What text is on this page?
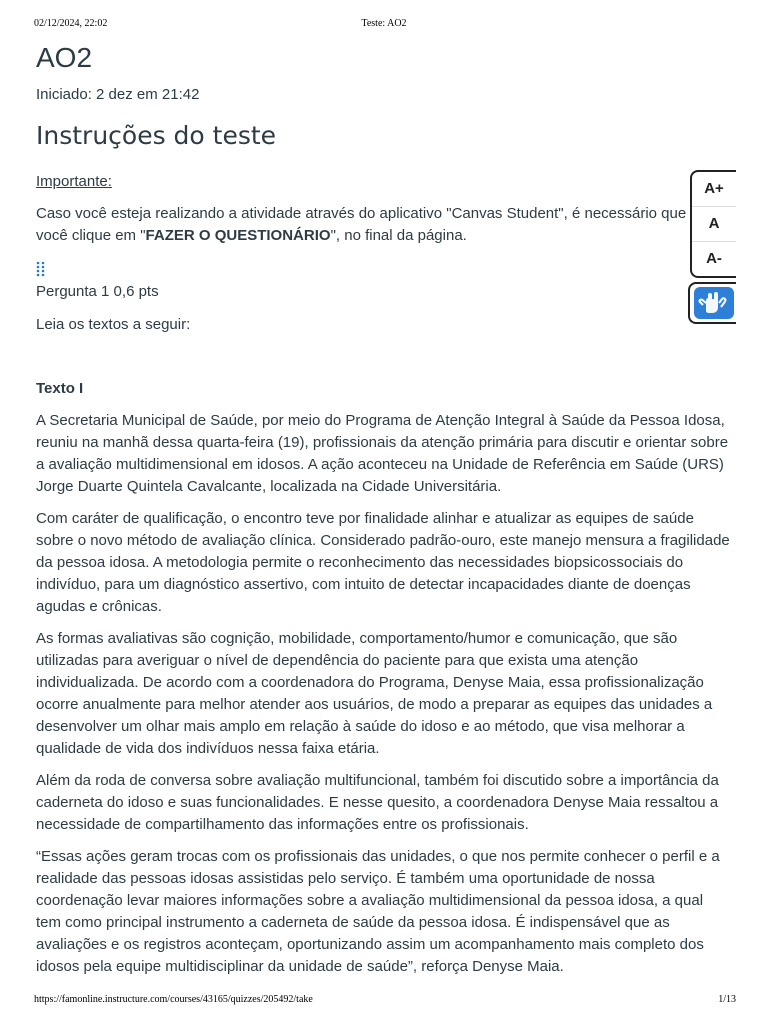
02/12/2024, 22:02	Teste: AO2
AO2
Iniciado: 2 dez em 21:42
Instruções do teste
Importante:

Caso você esteja realizando a atividade através do aplicativo "Canvas Student", é necessário que
você clique em "FAZER O QUESTIONÁRIO", no final da página.

Pergunta 1 0,6 pts
Leia os textos a seguir:
Texto I

A Secretaria Municipal de Saúde, por meio do Programa de Atenção Integral à Saúde da Pessoa Idosa, reuniu na manhã dessa quarta-feira (19), profissionais da atenção primária para discutir e orientar sobre a avaliação multidimensional em idosos. A ação aconteceu na Unidade de Referência em Saúde (URS) Jorge Duarte Quintela Cavalcante, localizada na Cidade Universitária.

Com caráter de qualificação, o encontro teve por finalidade alinhar e atualizar as equipes de saúde sobre o novo método de avaliação clínica. Considerado padrão-ouro, este manejo mensura a fragilidade da pessoa idosa. A metodologia permite o reconhecimento das necessidades biopsicossociais do indivíduo, para um diagnóstico assertivo, com intuito de detectar incapacidades diante de doenças agudas e crônicas.

As formas avaliativas são cognição, mobilidade, comportamento/humor e comunicação, que são utilizadas para averiguar o nível de dependência do paciente para que exista uma atenção individualizada. De acordo com a coordenadora do Programa, Denyse Maia, essa profissionalização ocorre anualmente para melhor atender aos usuários, de modo a preparar as equipes das unidades a desenvolver um olhar mais amplo em relação à saúde do idoso e ao método, que visa melhorar a qualidade de vida dos indivíduos nessa faixa etária.

Além da roda de conversa sobre avaliação multifuncional, também foi discutido sobre a importância da caderneta do idoso e suas funcionalidades. E nesse quesito, a coordenadora Denyse Maia ressaltou a necessidade de compartilhamento das informações entre os profissionais.

“Essas ações geram trocas com os profissionais das unidades, o que nos permite conhecer o perfil e a realidade das pessoas idosas assistidas pelo serviço. É também uma oportunidade de nossa coordenação levar maiores informações sobre a avaliação multidimensional da pessoa idosa, a qual tem como principal instrumento a caderneta de saúde da pessoa idosa. É indispensável que as avaliações e os registros aconteçam, oportunizando assim um acompanhamento mais completo dos idosos pela equipe multidisciplinar da unidade de saúde”, reforça Denyse Maia.

A+
A
A-
https://famonline.instructure.com/courses/43165/quizzes/205492/take	1/13
